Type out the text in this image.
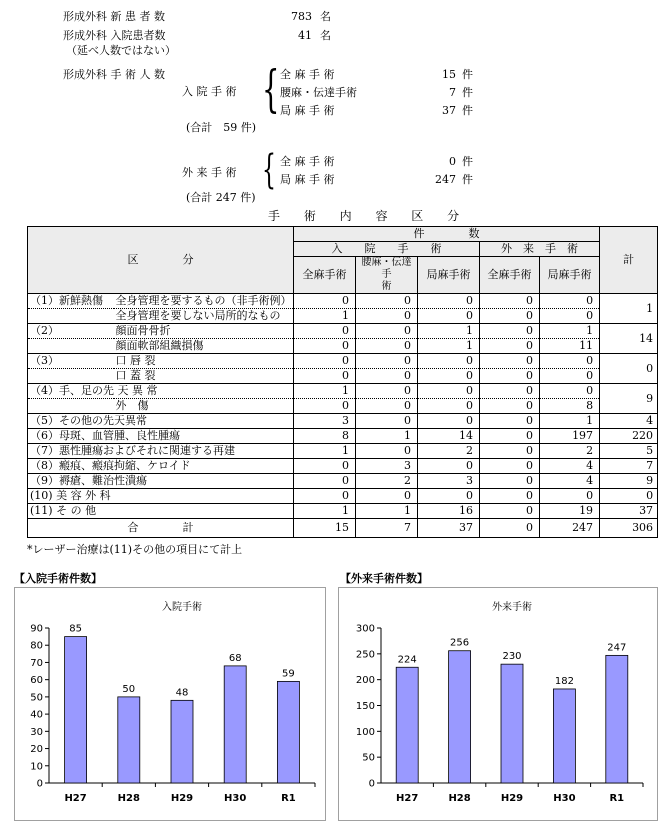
形成外科 新 患 者 数	783 名
形成外科 入院患者数	41 名
（延べ人数ではない）
形成外科 手 術 人 数
入 院 手 術 { 全 麻 手 術	15 件
腰麻・伝達手術	7 件
局 麻 手 術	37 件
(合計　59 件)
外 来 手 術 { 全 麻 手 術	0 件
局 麻 手 術	247 件
(合計 247 件)
手 術 内 容 区 分
区　　　　分		件　　　　数					計
		入　　院　　手　　術			外　来　手　術		
		全麻手術	腰麻・伝達手
術	局麻手術	全麻手術	局麻手術	
（1）新鮮熱傷	全身管理を要するもの（非手術例）	0	0	0	0	0	1
	全身管理を要しない局所的なもの	1	0	0	0	0	
（2）	顔面骨骨折	0	0	1	0	1	14
	顔面軟部組織損傷	0	0	1	0	11	
（3）	口 唇 裂	0	0	0	0	0	0
	口 蓋 裂	0	0	0	0	0	
（4）手、足の先 天 異 常		1	0	0	0	0	9
	外　傷	0	0	0	0	8	
（5）その他の先天異常		3	0	0	0	1	4
（6）母斑、血管腫、良性腫瘍		8	1	14	0	197	220
（7）悪性腫瘍およびそれに関連する再建		1	0	2	0	2	5
（8）瘢痕、瘢痕拘縮、ケロイド		0	3	0	0	4	7
（9）褥瘡、難治性潰瘍		0	2	3	0	4	9
(10) 美 容 外 科		0	0	0	0	0	0
(11) そ の 他		1	1	16	0	19	37
合　　　　計		15	7	37	0	247	306
*レーザー治療は(11)その他の項目にて計上
【入院手術件数】
入院手術
0
10
20
30
40
50
60
70
80
90	85
H27
50
H28
48
H29
68
H30
59
R1
【外来手術件数】
外来手術
0
50
100
150
200
250
300
224
H27
256
H28
230
H29
182
H30
247
R1
